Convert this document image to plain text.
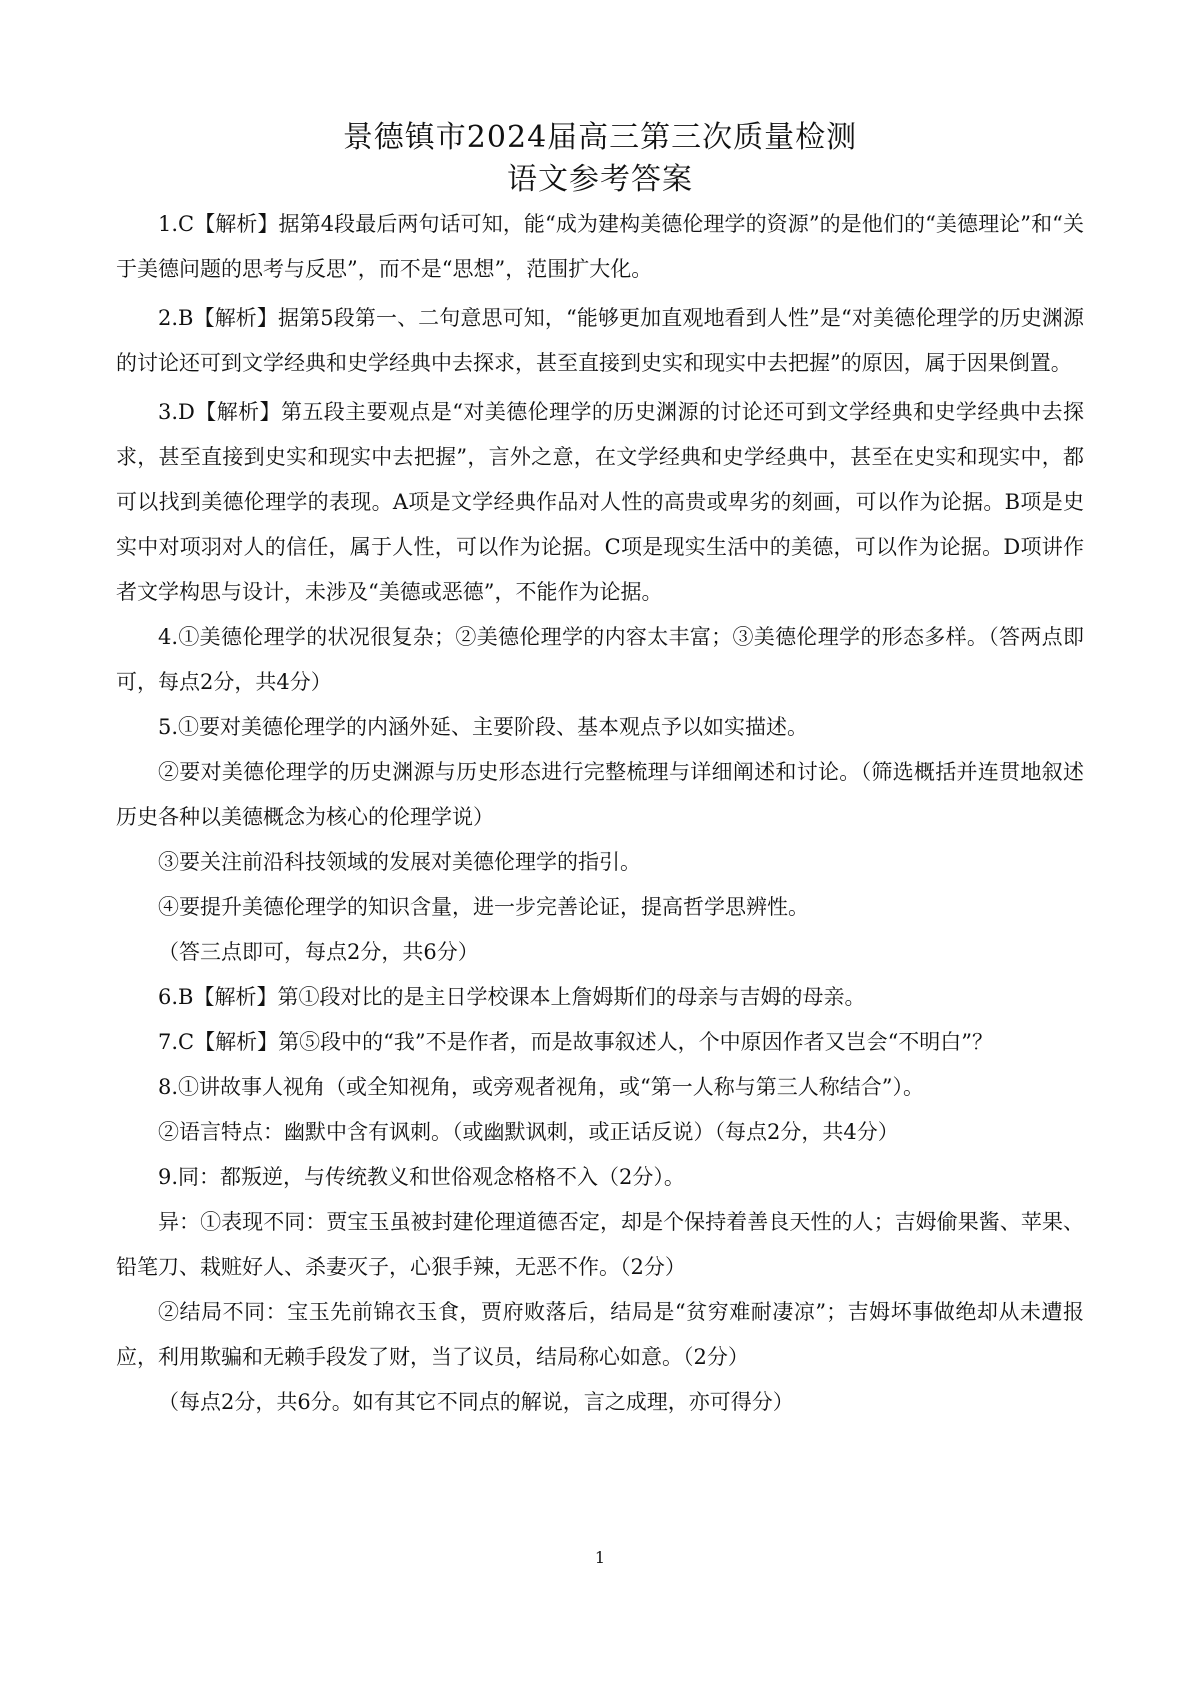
景德镇市2024届高三第三次质量检测
语文参考答案

1.C【解析】据第4段最后两句话可知，能“成为建构美德伦理学的资源”的是他们的“美德理论”和“关于美德问题的思考与反思”，而不是“思想”，范围扩大化。

2.B【解析】据第5段第一、二句意思可知，“能够更加直观地看到人性”是“对美德伦理学的历史渊源的讨论还可到文学经典和史学经典中去探求，甚至直接到史实和现实中去把握”的原因，属于因果倒置。

3.D【解析】第五段主要观点是“对美德伦理学的历史渊源的讨论还可到文学经典和史学经典中去探求，甚至直接到史实和现实中去把握”，言外之意，在文学经典和史学经典中，甚至在史实和现实中，都可以找到美德伦理学的表现。A项是文学经典作品对人性的高贵或卑劣的刻画，可以作为论据。B项是史实中对项羽对人的信任，属于人性，可以作为论据。C项是现实生活中的美德，可以作为论据。D项讲作者文学构思与设计，未涉及“美德或恶德”，不能作为论据。

4.①美德伦理学的状况很复杂；②美德伦理学的内容太丰富；③美德伦理学的形态多样。（答两点即可，每点2分，共4分）

5.①要对美德伦理学的内涵外延、主要阶段、基本观点予以如实描述。

②要对美德伦理学的历史渊源与历史形态进行完整梳理与详细阐述和讨论。（筛选概括并连贯地叙述历史各种以美德概念为核心的伦理学说）

③要关注前沿科技领域的发展对美德伦理学的指引。

④要提升美德伦理学的知识含量，进一步完善论证，提高哲学思辨性。

（答三点即可，每点2分，共6分）

6.B【解析】第①段对比的是主日学校课本上詹姆斯们的母亲与吉姆的母亲。

7.C【解析】第⑤段中的“我”不是作者，而是故事叙述人，个中原因作者又岂会“不明白”？

8.①讲故事人视角（或全知视角，或旁观者视角，或“第一人称与第三人称结合”）。

②语言特点：幽默中含有讽刺。（或幽默讽刺，或正话反说）（每点2分，共4分）

9.同：都叛逆，与传统教义和世俗观念格格不入（2分）。

异：①表现不同：贾宝玉虽被封建伦理道德否定，却是个保持着善良天性的人；吉姆偷果酱、苹果、铅笔刀、栽赃好人、杀妻灭子，心狠手辣，无恶不作。（2分）

②结局不同：宝玉先前锦衣玉食，贾府败落后，结局是“贫穷难耐凄凉”；吉姆坏事做绝却从未遭报应，利用欺骗和无赖手段发了财，当了议员，结局称心如意。（2分）

（每点2分，共6分。如有其它不同点的解说，言之成理，亦可得分）

1
